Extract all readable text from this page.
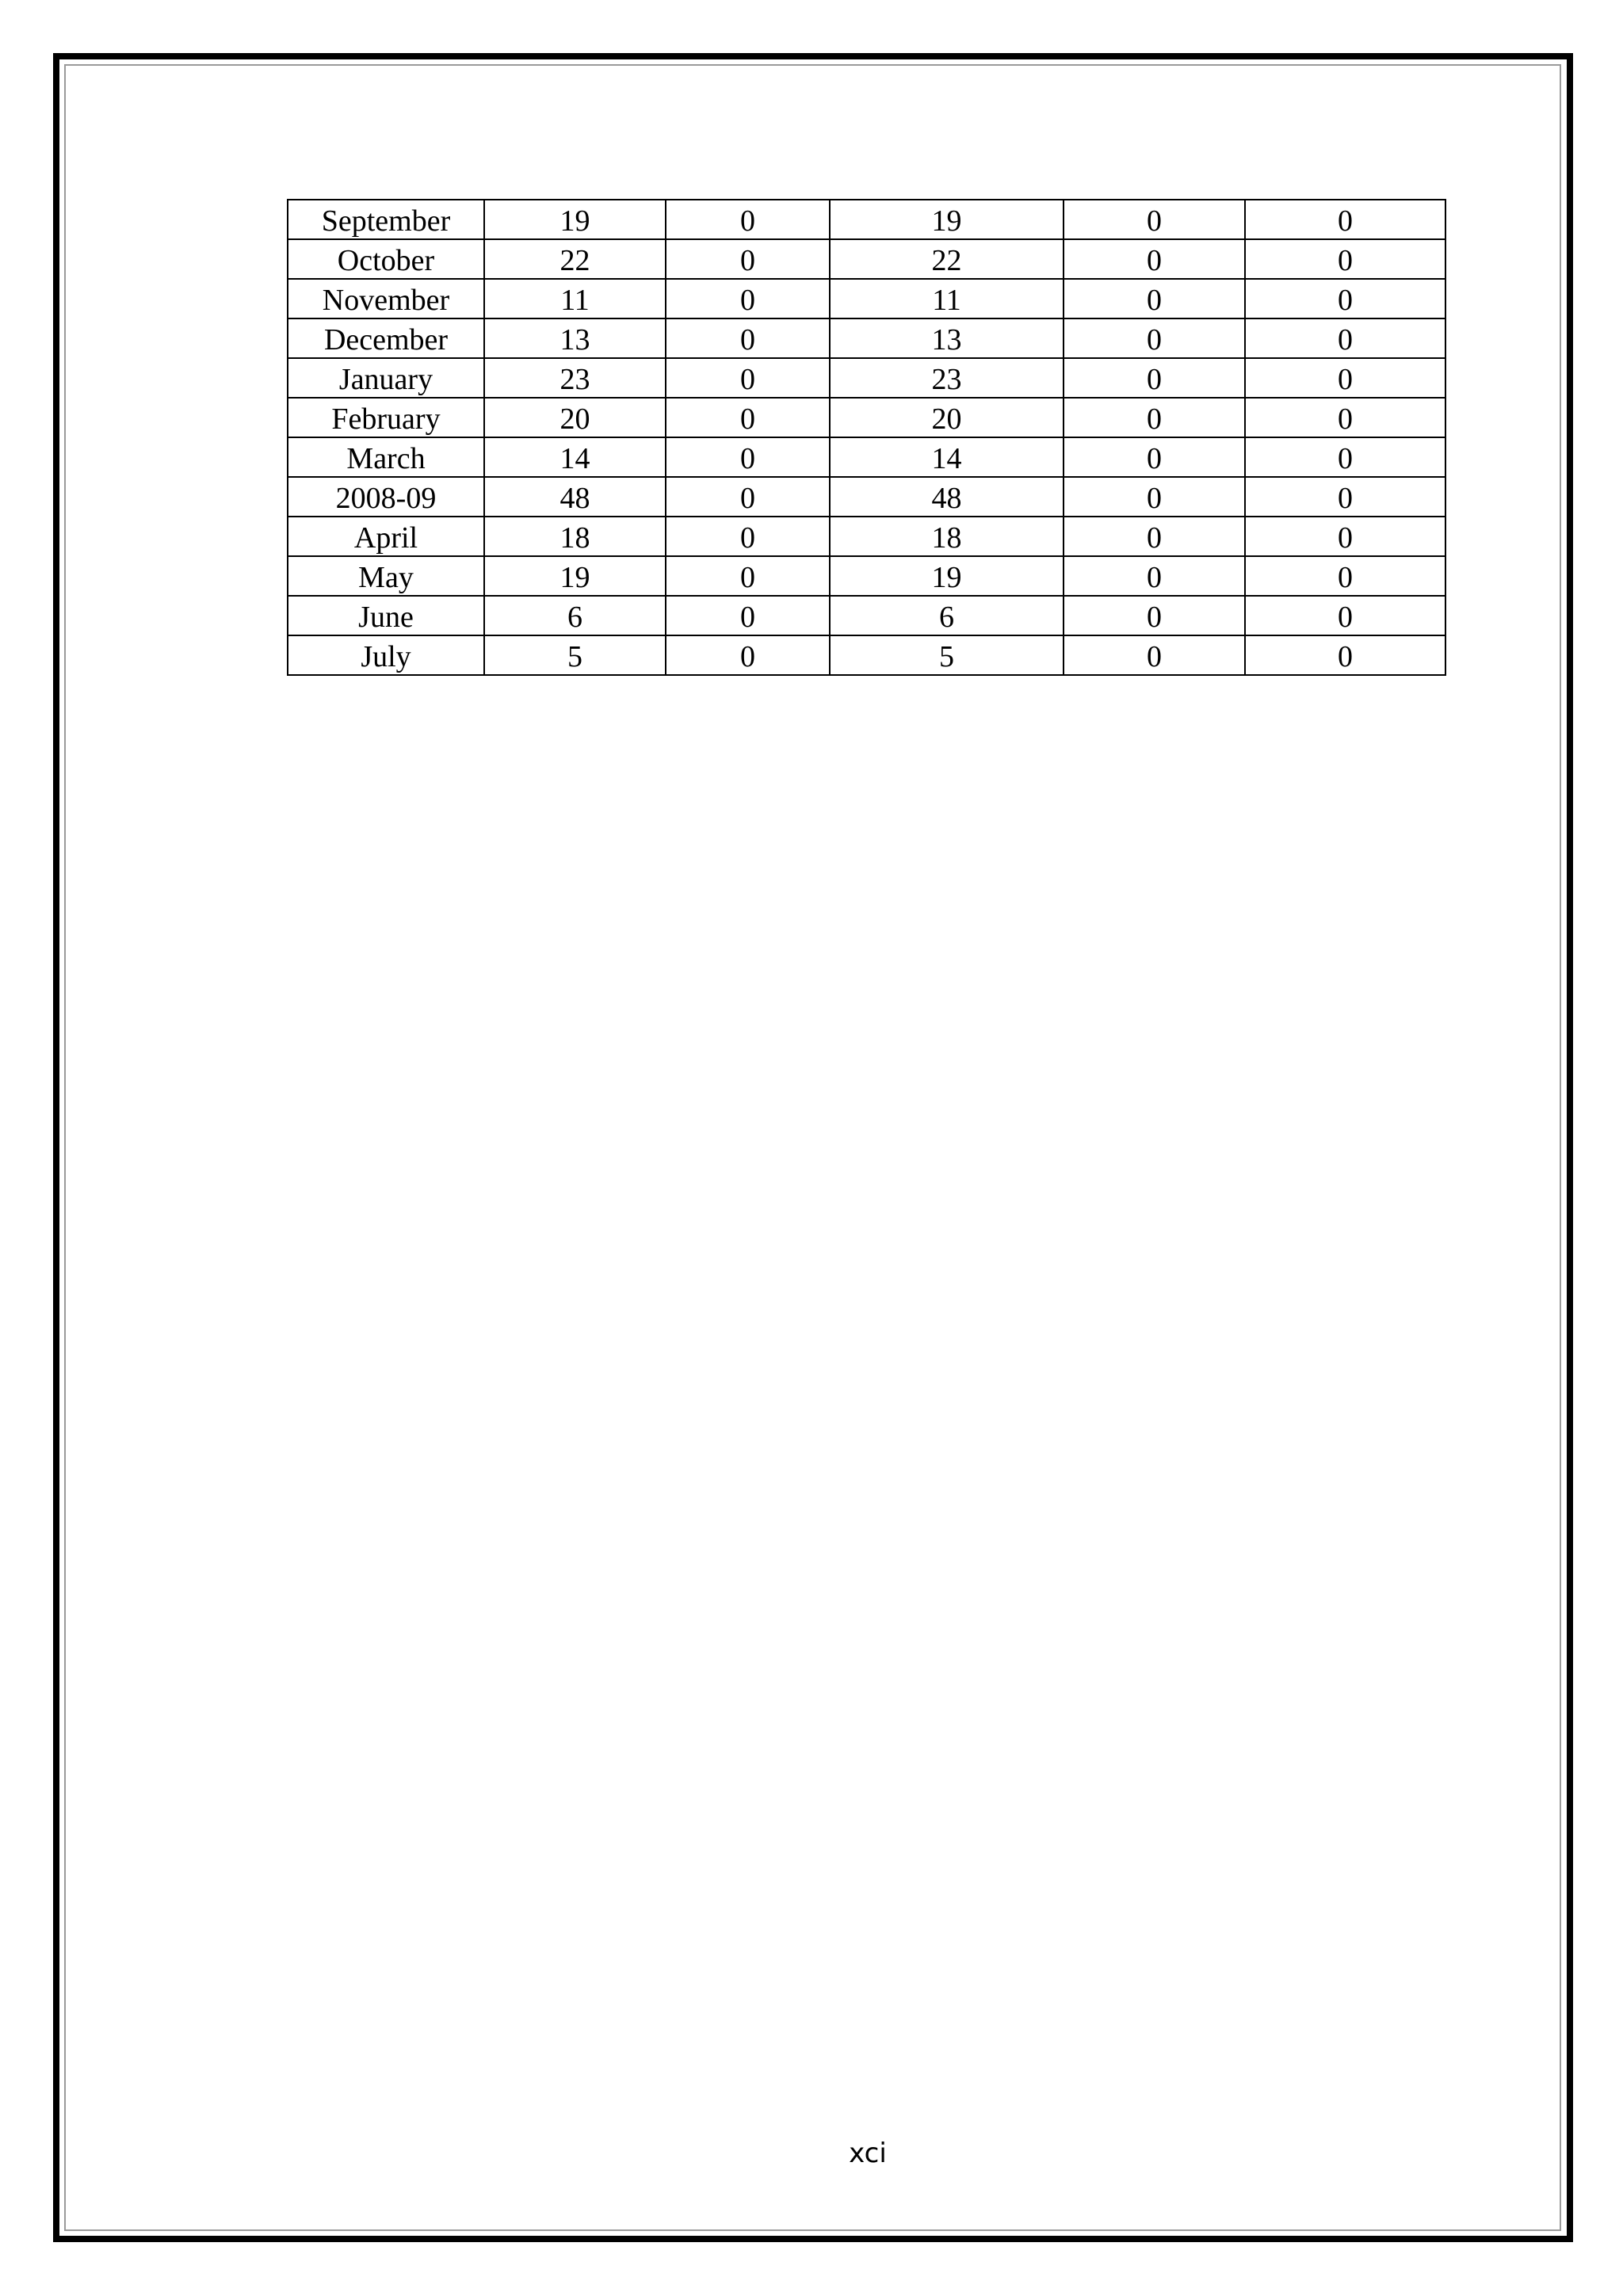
September	19	0	19	0	0
October	22	0	22	0	0
November	11	0	11	0	0
December	13	0	13	0	0
January	23	0	23	0	0
February	20	0	20	0	0
March	14	0	14	0	0
2008-09	48	0	48	0	0
April	18	0	18	0	0
May	19	0	19	0	0
June	6	0	6	0	0
July	5	0	5	0	0
xci
